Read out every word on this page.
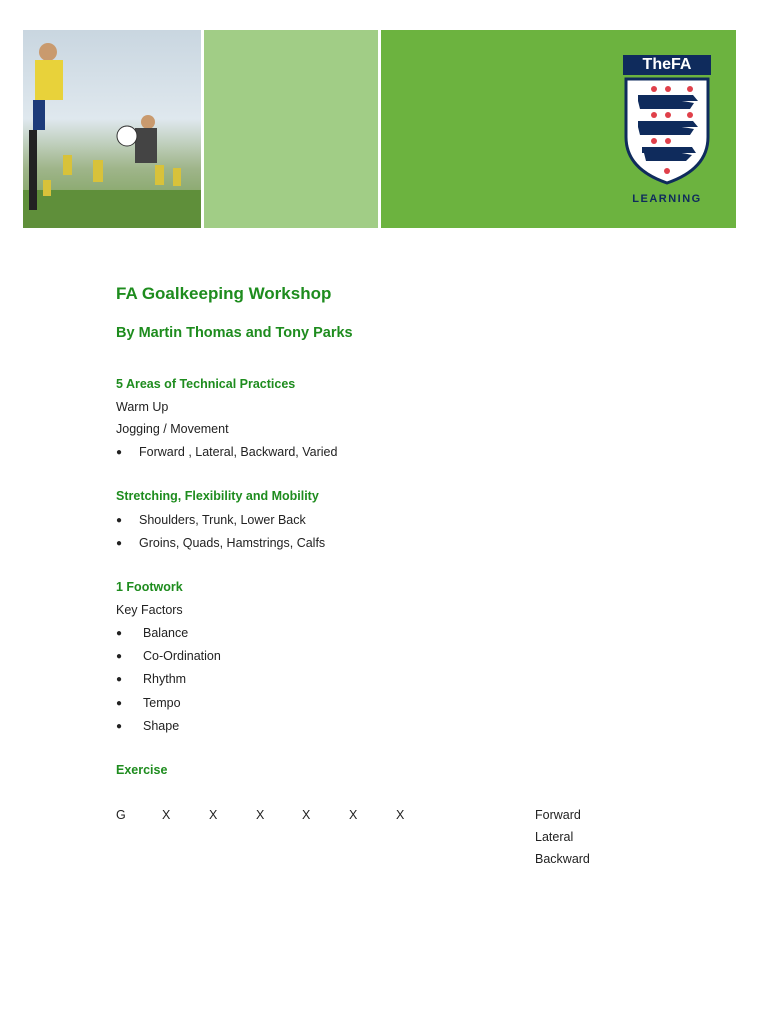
TheFA
LEARNING
FA Goalkeeping Workshop
By Martin Thomas and Tony Parks
5 Areas of Technical Practices
Warm Up
Jogging / Movement
● Forward , Lateral, Backward, Varied
Stretching, Flexibility and Mobility
● Shoulders, Trunk, Lower Back
● Groins, Quads, Hamstrings, Calfs
1 Footwork
Key Factors
● Balance
● Co-Ordination
● Rhythm
● Tempo
● Shape
Exercise
G	X	X	X	X	X	X	Forward
Lateral
Backward
